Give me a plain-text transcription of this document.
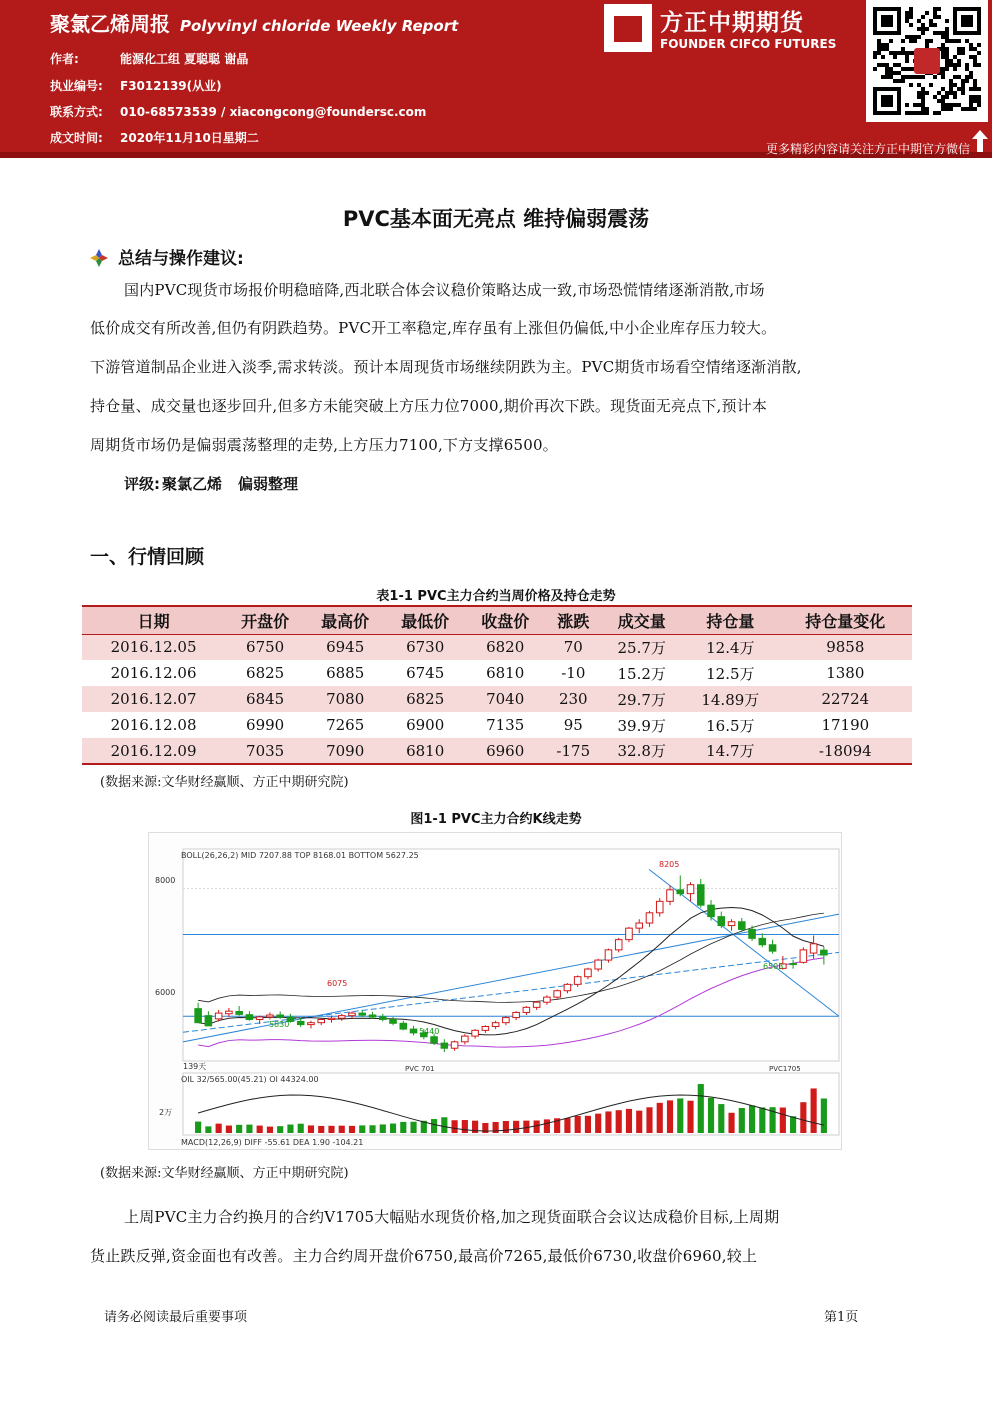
聚氯乙烯周报 Polyvinyl chloride Weekly Report
作者:	能源化工组 夏聪聪 谢晶
执业编号: F3012139(从业)
联系方式: 010-68573539 / xiacongcong@foundersc.com
成文时间: 2020年11月10日星期二
方正中期期货
FOUNDER CIFCO FUTURES
更多精彩内容请关注方正中期官方微信
PVC基本面无亮点 维持偏弱震荡
总结与操作建议:
国内PVC现货市场报价明稳暗降,西北联合体会议稳价策略达成一致,市场恐慌情绪逐渐消散,市场
低价成交有所改善,但仍有阴跌趋势。PVC开工率稳定,库存虽有上涨但仍偏低,中小企业库存压力较大。
下游管道制品企业进入淡季,需求转淡。预计本周现货市场继续阴跌为主。PVC期货市场看空情绪逐渐消散,
持仓量、成交量也逐步回升,但多方未能突破上方压力位7000,期价再次下跌。现货面无亮点下,预计本
周期货市场仍是偏弱震荡整理的走势,上方压力7100,下方支撑6500。
评级: 聚氯乙烯 偏弱整理
一、行情回顾
表1-1 PVC主力合约当周价格及持仓走势
日期	开盘价	最高价	最低价	收盘价	涨跌	成交量	持仓量	持仓量变化
2016.12.05	6750	6945	6730	6820	70	25.7万	12.4万	9858
2016.12.06	6825	6885	6745	6810	-10	15.2万	12.5万	1380
2016.12.07	6845	7080	6825	7040	230	29.7万	14.89万	22724
2016.12.08	6990	7265	6900	7135	95	39.9万	16.5万	17190
2016.12.09	7035	7090	6810	6960	-175	32.8万	14.7万	-18094
(数据来源:文华财经赢顺、方正中期研究院)
图1-1 PVC主力合约K线走势
BOLL(26,26,2) MID 7207.88 TOP 8168.01 BOTTOM 5627.25
OIL 32/565.00(45.21) OI 44324.00
MACD(12,26,9) DIFF -55.61 DEA 1.90 -104.21
8000
6000
2万
8205
6075
6503
5830
5440
139天	PVC 701	PVC1705
(数据来源:文华财经赢顺、方正中期研究院)
上周PVC主力合约换月的合约V1705大幅贴水现货价格,加之现货面联合会议达成稳价目标,上周期
货止跌反弹,资金面也有改善。主力合约周开盘价6750,最高价7265,最低价6730,收盘价6960,较上
请务必阅读最后重要事项	第1页
